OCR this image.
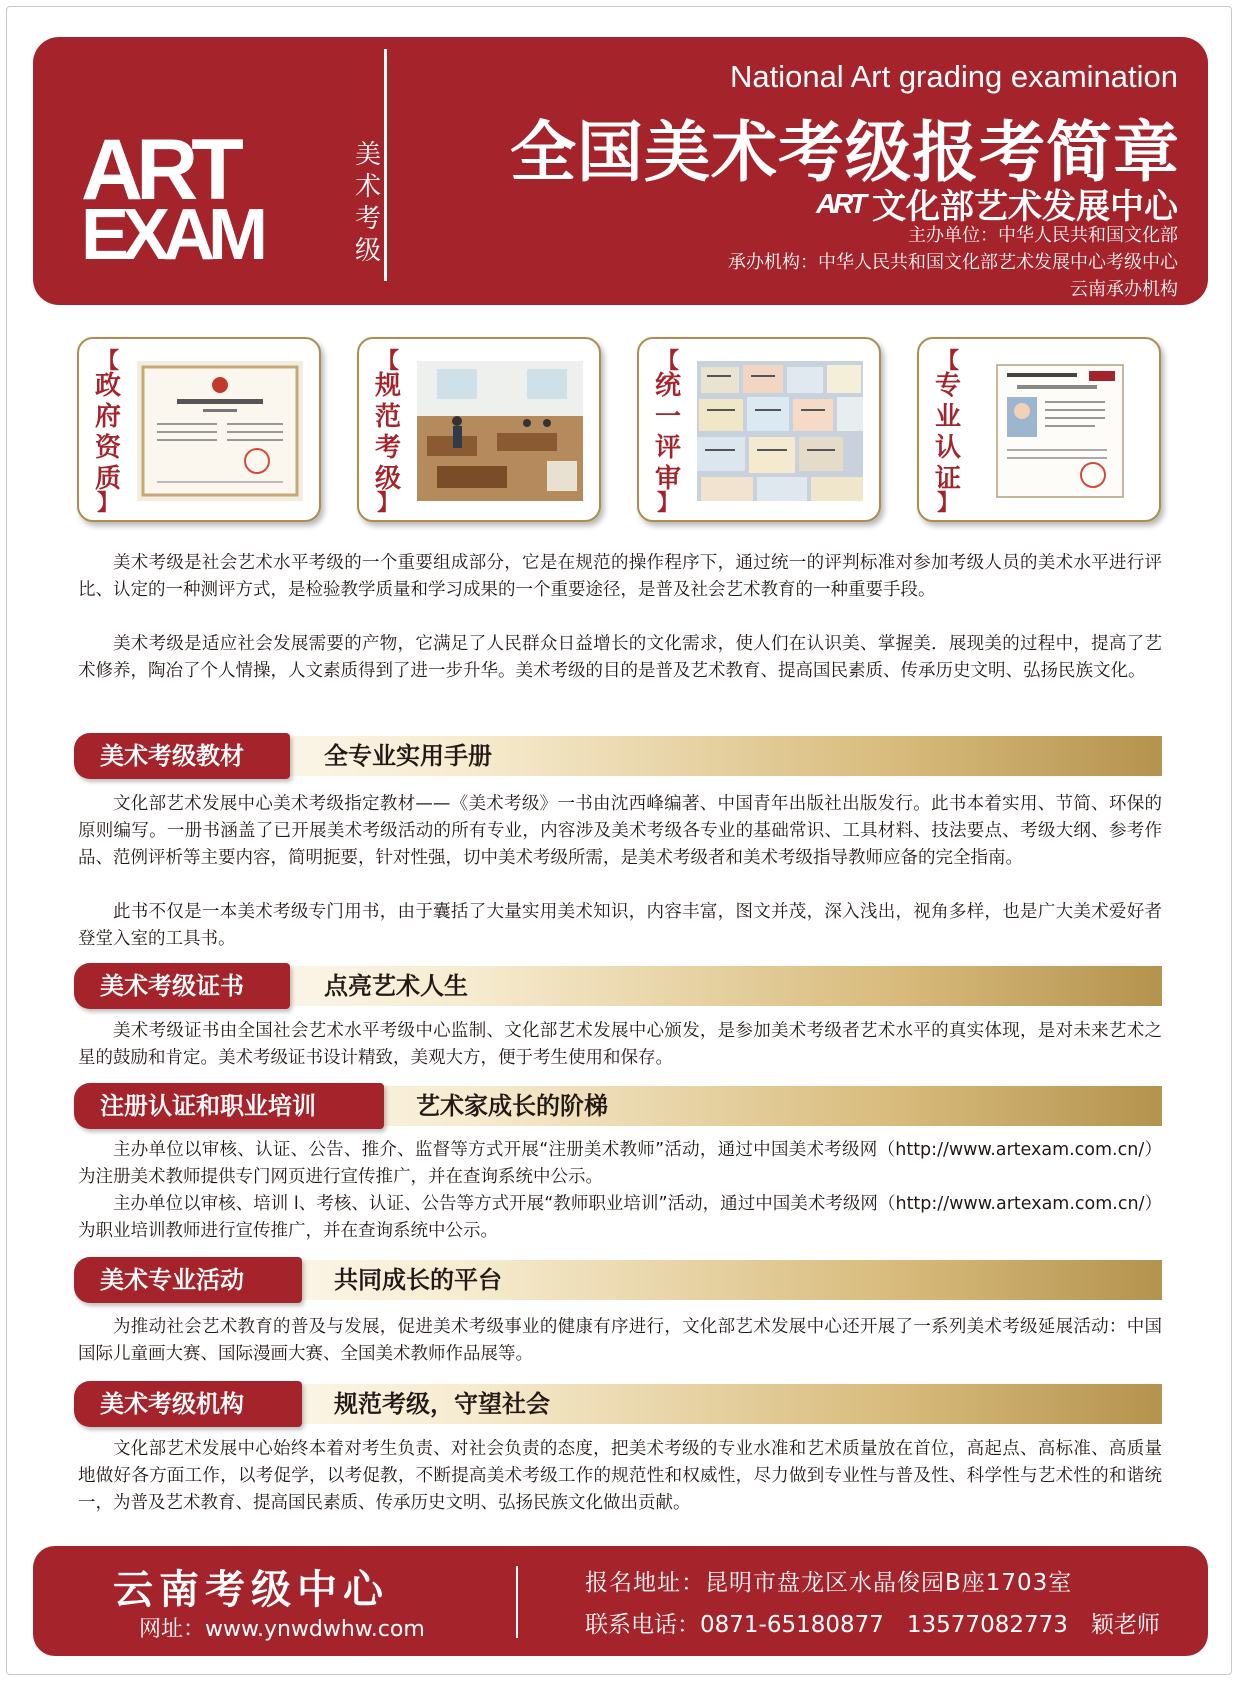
ART
EXAM
美术考级
National Art grading examination
全国美术考级报考简章
ART 文化部艺术发展中心
主办单位：中华人民共和国文化部
承办机构：中华人民共和国文化部艺术发展中心考级中心
云南承办机构
【
政府资质
】
【
规范考级
】
【
统一评审
】
【
专业认证
】

美术考级是社会艺术水平考级的一个重要组成部分，它是在规范的操作程序下，通过统一的评判标准对参加考级人员的美术水平进行评比、认定的一种测评方式，是检验教学质量和学习成果的一个重要途径，是普及社会艺术教育的一种重要手段。

美术考级是适应社会发展需要的产物，它满足了人民群众日益增长的文化需求，使人们在认识美、掌握美．展现美的过程中，提高了艺术修养，陶冶了个人情操，人文素质得到了进一步升华。美术考级的目的是普及艺术教育、提高国民素质、传承历史文明、弘扬民族文化。

美术考级教材	全专业实用手册

文化部艺术发展中心美术考级指定教材——《美术考级》一书由沈西峰编著、中国青年出版社出版发行。此书本着实用、节简、环保的原则编写。一册书涵盖了已开展美术考级活动的所有专业，内容涉及美术考级各专业的基础常识、工具材料、技法要点、考级大纲、参考作品、范例评析等主要内容，简明扼要，针对性强，切中美术考级所需，是美术考级者和美术考级指导教师应备的完全指南。

此书不仅是一本美术考级专门用书，由于囊括了大量实用美术知识，内容丰富，图文并茂，深入浅出，视角多样，也是广大美术爱好者登堂入室的工具书。

美术考级证书	点亮艺术人生

美术考级证书由全国社会艺术水平考级中心监制、文化部艺术发展中心颁发，是参加美术考级者艺术水平的真实体现，是对未来艺术之星的鼓励和肯定。美术考级证书设计精致，美观大方，便于考生使用和保存。

注册认证和职业培训	艺术家成长的阶梯

主办单位以审核、认证、公告、推介、监督等方式开展“注册美术教师”活动，通过中国美术考级网（http://www.artexam.com.cn/）为注册美术教师提供专门网页进行宣传推广，并在查询系统中公示。

主办单位以审核、培训 l、考核、认证、公告等方式开展“教师职业培训”活动，通过中国美术考级网（http://www.artexam.com.cn/）为职业培训教师进行宣传推广，并在查询系统中公示。

美术专业活动	共同成长的平台

为推动社会艺术教育的普及与发展，促进美术考级事业的健康有序进行，文化部艺术发展中心还开展了一系列美术考级延展活动：中国国际儿童画大赛、国际漫画大赛、全国美术教师作品展等。

美术考级机构	规范考级，守望社会

文化部艺术发展中心始终本着对考生负责、对社会负责的态度，把美术考级的专业水准和艺术质量放在首位，高起点、高标准、高质量地做好各方面工作，以考促学，以考促教，不断提高美术考级工作的规范性和权威性，尽力做到专业性与普及性、科学性与艺术性的和谐统一，为普及艺术教育、提高国民素质、传承历史文明、弘扬民族文化做出贡献。

云南考级中心
网址：www.ynwdwhw.com
报名地址：昆明市盘龙区水晶俊园B座1703室
联系电话：0871-65180877　13577082773　颖老师
